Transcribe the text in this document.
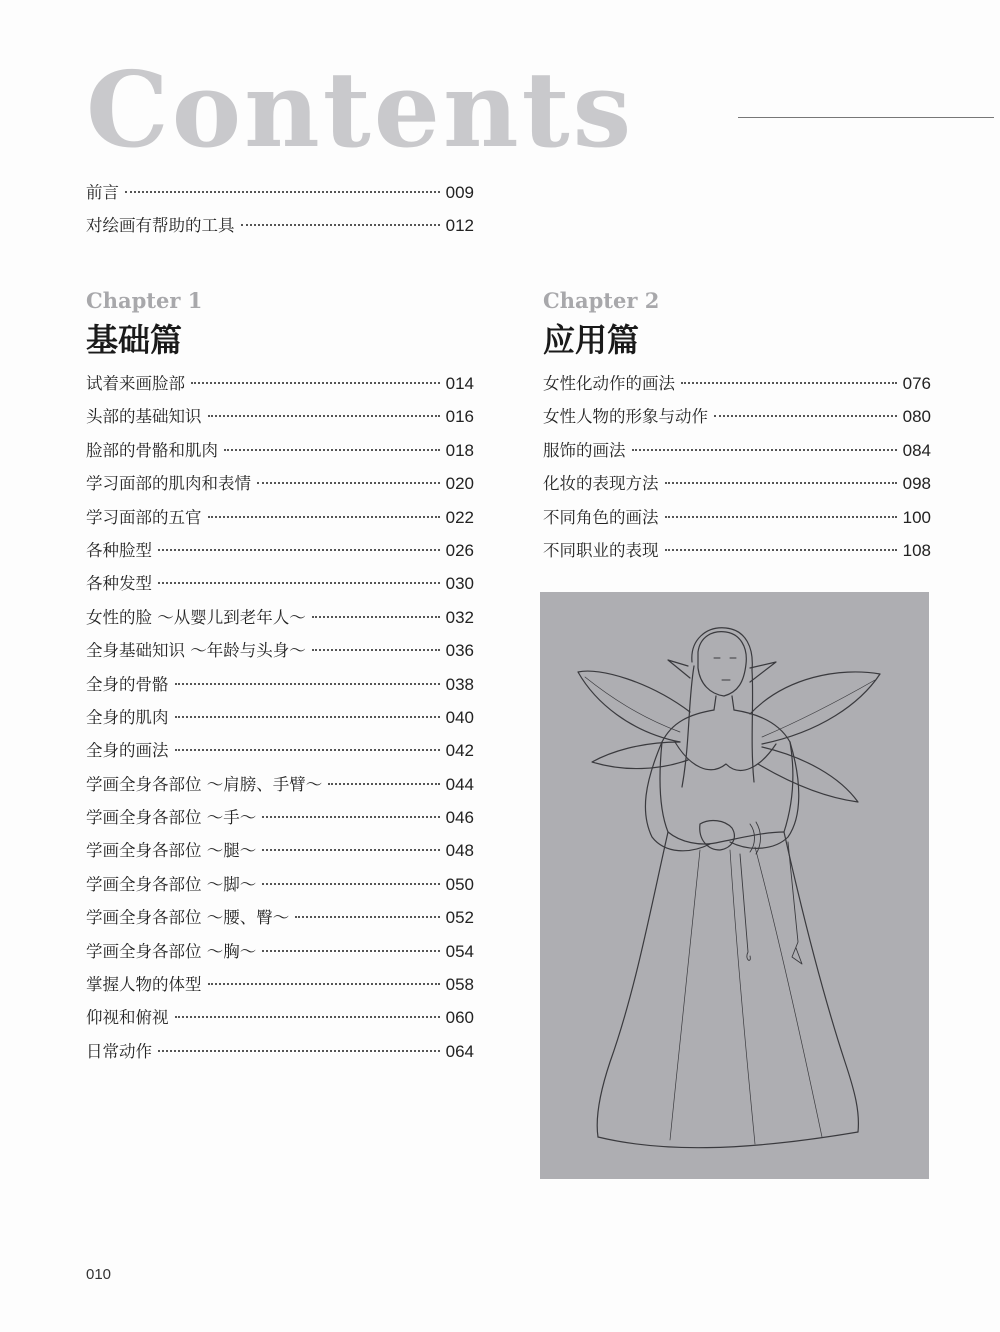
Contents
前言	009
对绘画有帮助的工具	012
Chapter 1
基础篇
试着来画脸部	014
头部的基础知识	016
脸部的骨骼和肌肉	018
学习面部的肌肉和表情	020
学习面部的五官	022
各种脸型	026
各种发型	030
女性的脸 ～从婴儿到老年人～	032
全身基础知识 ～年龄与头身～	036
全身的骨骼	038
全身的肌肉	040
全身的画法	042
学画全身各部位 ～肩膀、手臂～	044
学画全身各部位 ～手～	046
学画全身各部位 ～腿～	048
学画全身各部位 ～脚～	050
学画全身各部位 ～腰、臀～	052
学画全身各部位 ～胸～	054
掌握人物的体型	058
仰视和俯视	060
日常动作	064
Chapter 2
应用篇
女性化动作的画法	076
女性人物的形象与动作	080
服饰的画法	084
化妆的表现方法	098
不同角色的画法	100
不同职业的表现	108

010
